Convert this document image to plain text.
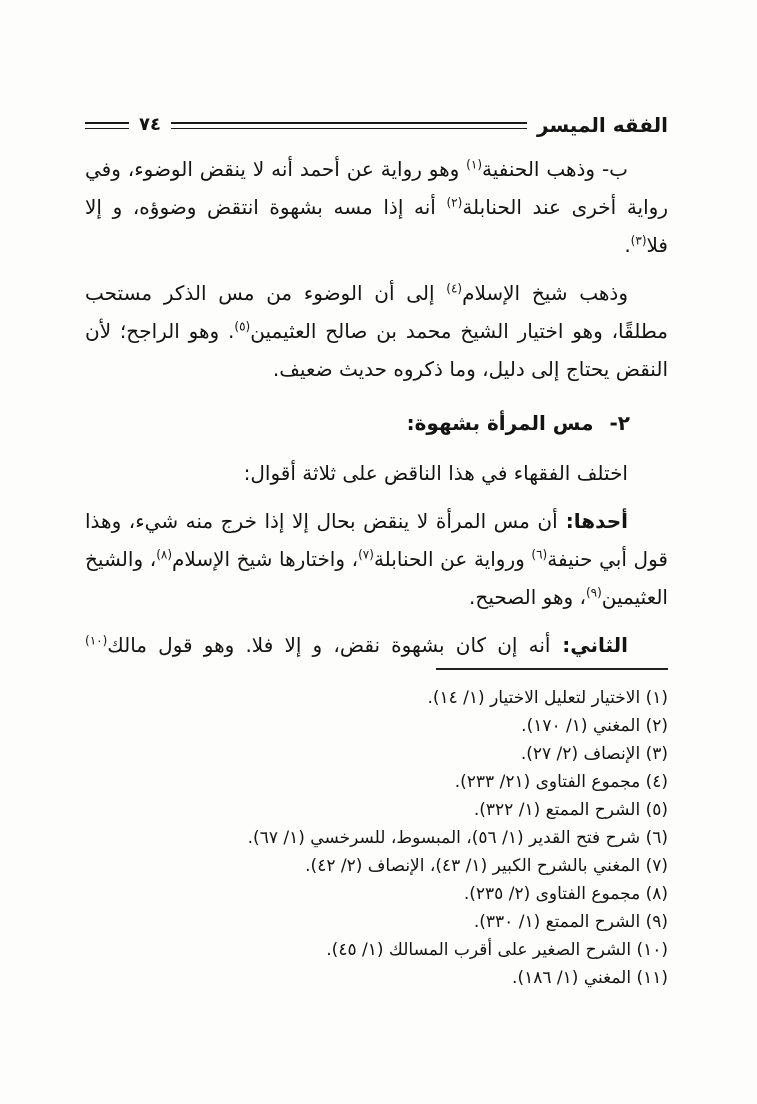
الفقه الميسر
٧٤
ب- وذهب الحنفية$^{(١)}$ وهو رواية عن أحمد أنه لا ينقض الوضوء، وفي رواية أخرى عند الحنابلة$^{(٢)}$ أنه إذا مسه بشهوة انتقض وضوؤه، و إلا فلا$^{(٣)}$.
وذهب شيخ الإسلام$^{(٤)}$ إلى أن الوضوء من مس الذكر مستحب مطلقًا، وهو اختيار الشيخ محمد بن صالح العثيمين$^{(٥)}$. وهو الراجح؛ لأن النقض يحتاج إلى دليل، وما ذكروه حديث ضعيف.
٢-مس المرأة بشهوة:
اختلف الفقهاء في هذا الناقض على ثلاثة أقوال:
أحدها: أن مس المرأة لا ينقض بحال إلا إذا خرج منه شيء، وهذا قول أبي حنيفة$^{(٦)}$ ورواية عن الحنابلة$^{(٧)}$، واختارها شيخ الإسلام$^{(٨)}$، والشيخ العثيمين$^{(٩)}$، وهو الصحيح.
الثاني: أنه إن كان بشهوة نقض، و إلا فلا. وهو قول مالك$^{(١٠)}$
(١) الاختيار لتعليل الاختيار (١/ ١٤).
(٢) المغني (١/ ١٧٠).
(٣) الإنصاف (٢/ ٢٧).
(٤) مجموع الفتاوى (٢١/ ٢٣٣).
(٥) الشرح الممتع (١/ ٣٢٢).
(٦) شرح فتح القدير (١/ ٥٦)، المبسوط، للسرخسي (١/ ٦٧).
(٧) المغني بالشرح الكبير (١/ ٤٣)، الإنصاف (٢/ ٤٢).
(٨) مجموع الفتاوى (٢/ ٢٣٥).
(٩) الشرح الممتع (١/ ٣٣٠).
(١٠) الشرح الصغير على أقرب المسالك (١/ ٤٥).
(١١) المغني (١/ ١٨٦).
